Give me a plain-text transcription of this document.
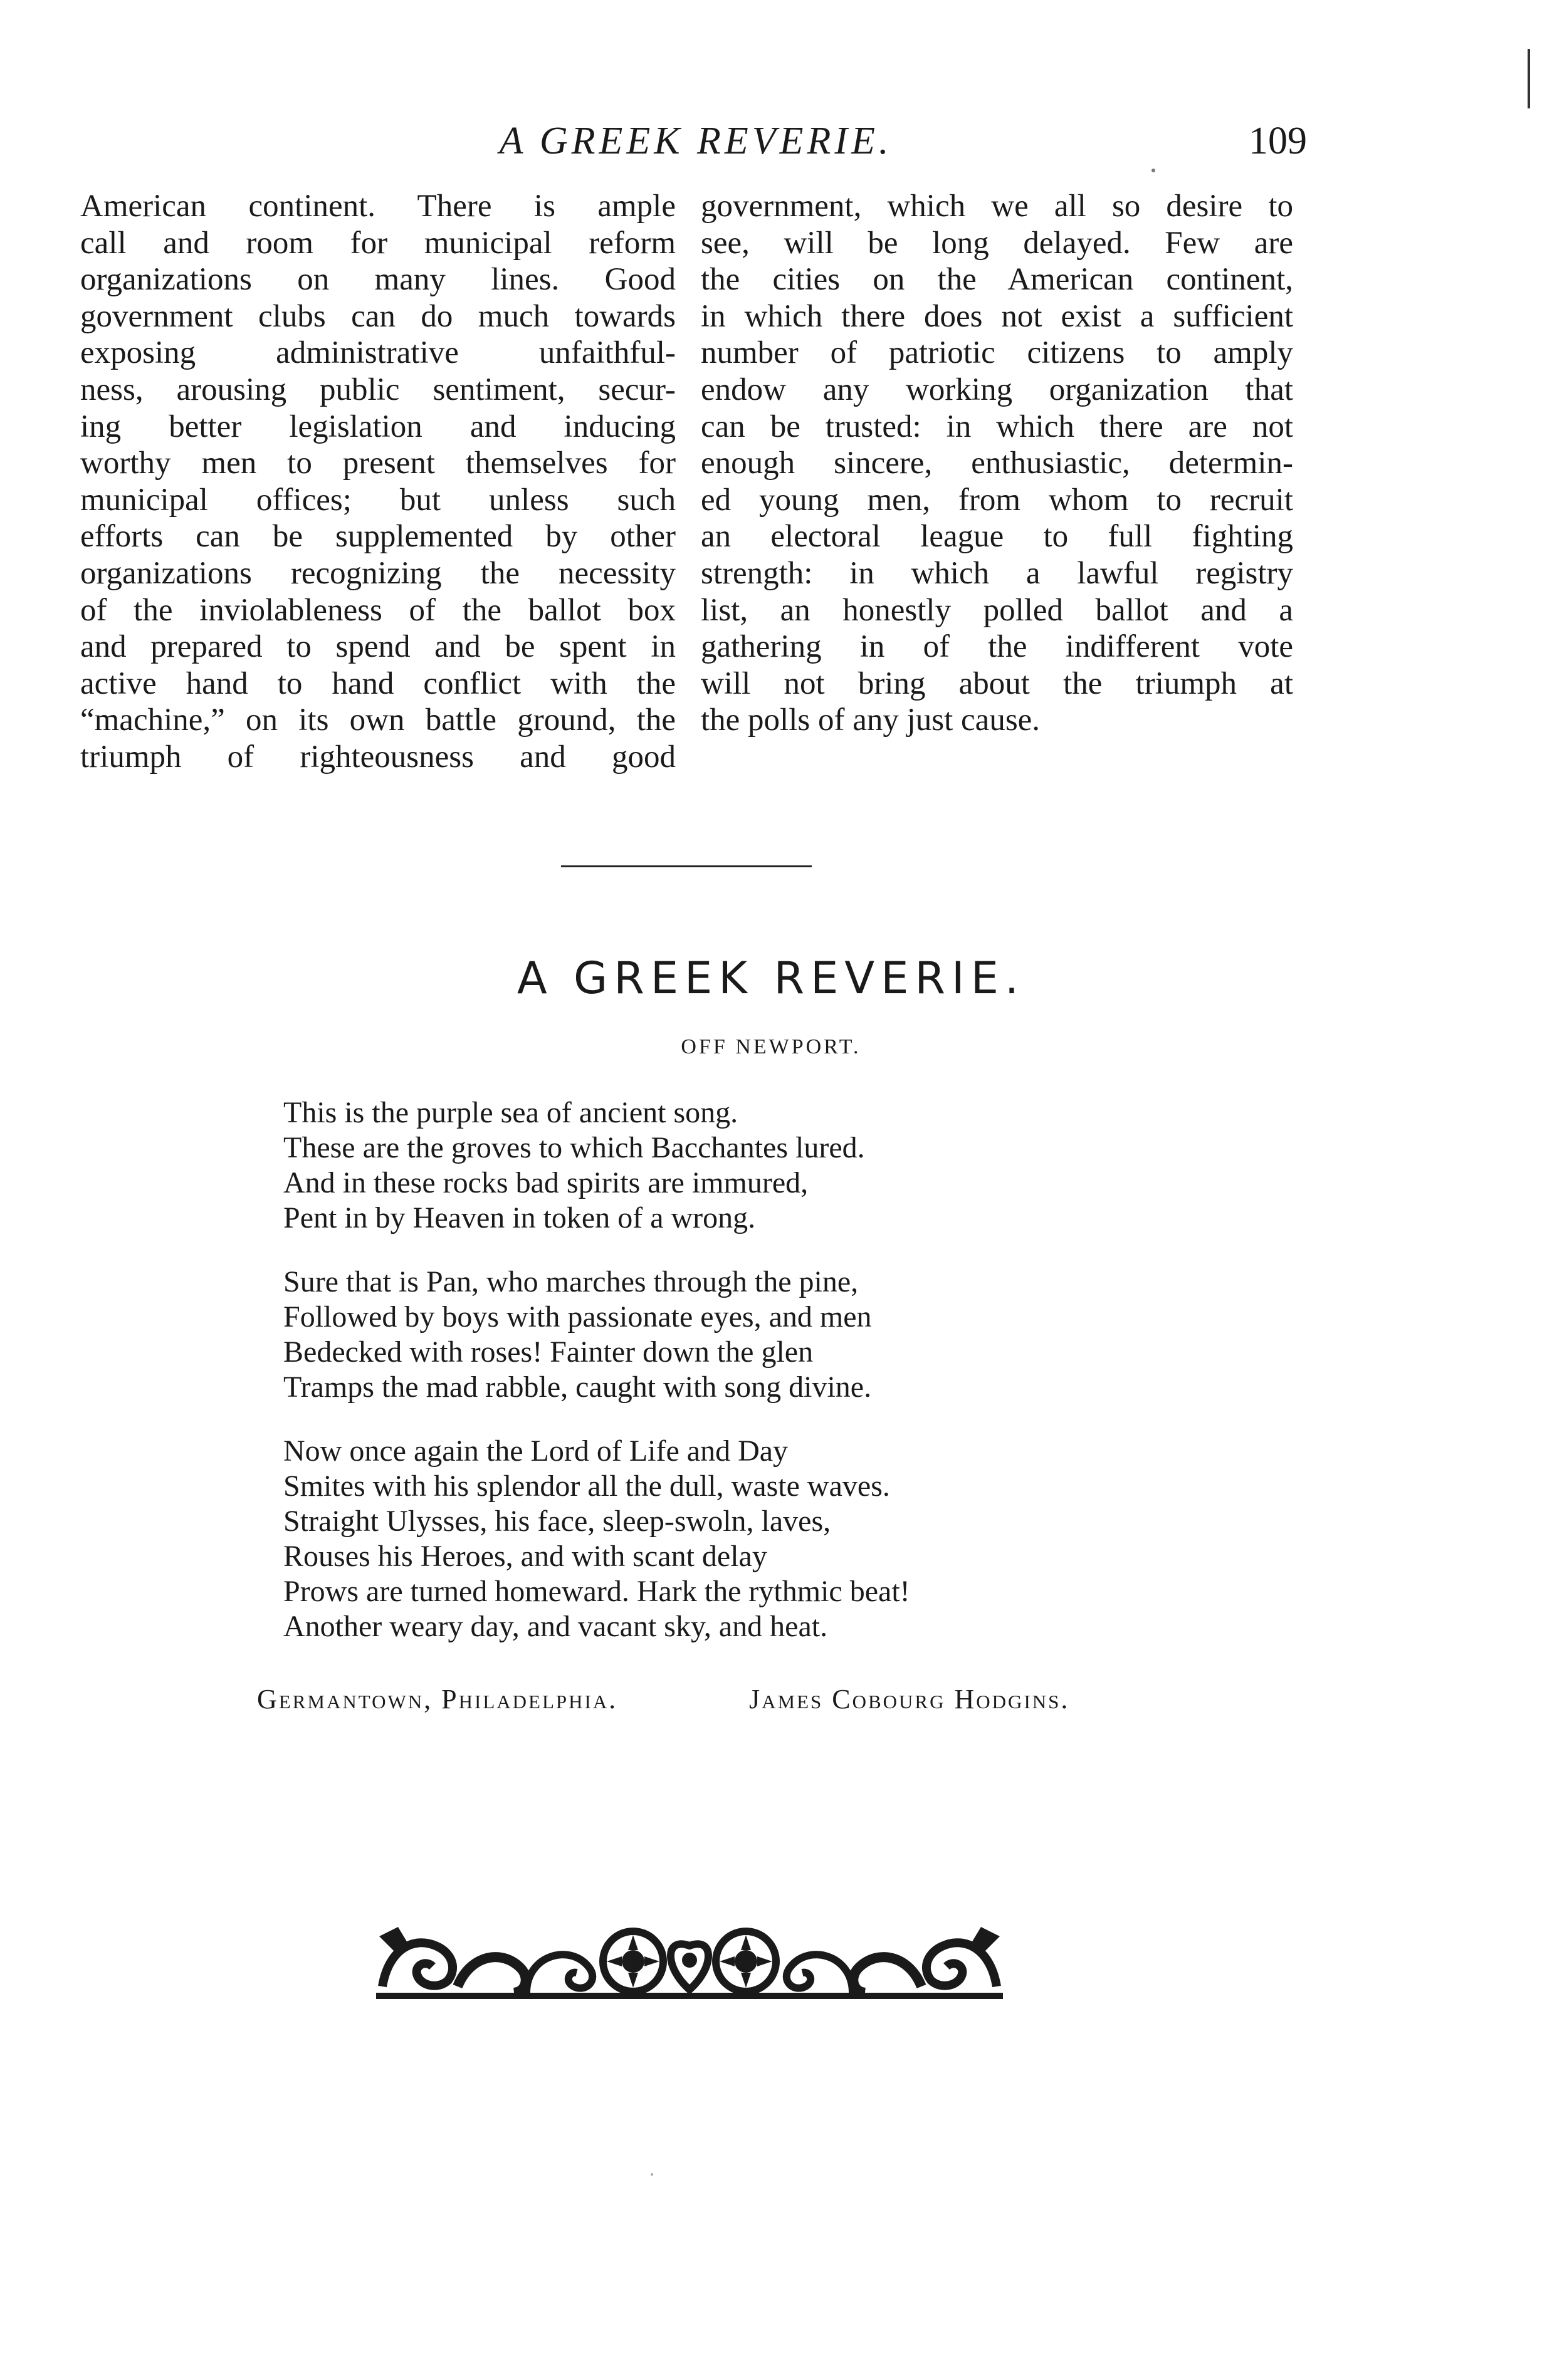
A GREEK REVERIE.	109
American continent. There is ample
call and room for municipal reform
organizations on many lines. Good
government clubs can do much towards
exposing administrative unfaithful-
ness, arousing public sentiment, secur-
ing better legislation and inducing
worthy men to present themselves for
municipal offices; but unless such
efforts can be supplemented by other
organizations recognizing the necessity
of the inviolableness of the ballot box
and prepared to spend and be spent in
active hand to hand conflict with the
“machine,” on its own battle ground, the
triumph of righteousness and good
government, which we all so desire to
see, will be long delayed. Few are
the cities on the American continent,
in which there does not exist a sufficient
number of patriotic citizens to amply
endow any working organization that
can be trusted: in which there are not
enough sincere, enthusiastic, determin-
ed young men, from whom to recruit
an electoral league to full fighting
strength: in which a lawful registry
list, an honestly polled ballot and a
gathering in of the indifferent vote
will not bring about the triumph at
the polls of any just cause.
A GREEK REVERIE.
OFF NEWPORT.
This is the purple sea of ancient song.
These are the groves to which Bacchantes lured.
And in these rocks bad spirits are immured,
Pent in by Heaven in token of a wrong.
Sure that is Pan, who marches through the pine,
Followed by boys with passionate eyes, and men
Bedecked with roses! Fainter down the glen
Tramps the mad rabble, caught with song divine.
Now once again the Lord of Life and Day
Smites with his splendor all the dull, waste waves.
Straight Ulysses, his face, sleep-swoln, laves,
Rouses his Heroes, and with scant delay
Prows are turned homeward. Hark the rythmic beat!
Another weary day, and vacant sky, and heat.
Germantown, Philadelphia.	James Cobourg Hodgins.
